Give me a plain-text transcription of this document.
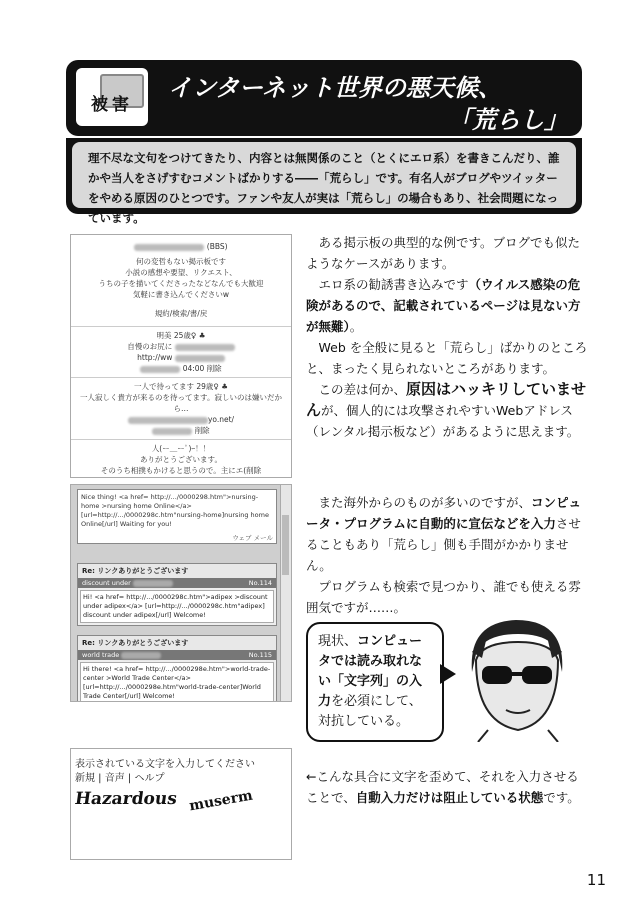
被害
インターネット世界の悪天候、
「荒らし」
理不尽な文句をつけてきたり、内容とは無関係のこと（とくにエロ系）を書きこんだり、誰かや当人をさげすむコメントばかりする――「荒らし」です。有名人がブログやツイッターをやめる原因のひとつです。ファンや友人が実は「荒らし」の場合もあり、社会問題になっています。
(BBS)

何の変哲もない掲示板です
小説の感想や要望、リクエスト、
うちの子を描いてくださったなどなんでも大歓迎
気軽に書き込んでくださいw
規約/検索/書/戻
明美 25歳♀ ♣
自慢のお尻に
http://ww
04:00 削除
一人で待ってます 29歳♀ ♣
一人寂しく貴方が来るのを待ってます。寂しいのは嫌いだから…
yo.net/
削除
人(ー＿ーﾟ)ｰ！！
ありがとうございます。
そのうち相撲もかけると思うので。主にエ(削除

Nice thing! <a href= http://.../0000298.htm">nursing-home >nursing home Online</a> [url=http://.../0000298c.htm"nursing-home]nursing home Online[/url] Waiting for you!
ウェブ メール
Re: リンクありがとうございます
discount under	No.114
Hi! <a href= http://.../0000298c.htm">adipex >discount under adipex</a> [url=http://.../0000298c.htm"adipex] discount under adipex[/url] Welcome!
Re: リンクありがとうございます
world trade	No.115
Hi there! <a href= http://.../0000298e.htm">world-trade-center >World Trade Center</a> [url=http://.../0000298e.htm"world-trade-center]World Trade Center[/url] Welcome!
表示されている文字を入力してください
新規 | 音声 | ヘルプ
Hazardous muserm

ある掲示板の典型的な例です。ブログでも似たようなケースがあります。

エロ系の勧誘書き込みです（ウイルス感染の危険があるので、記載されているページは見ない方が無難）。

Web を全般に見ると「荒らし」ばかりのところと、まったく見られないところがあります。

この差は何か、原因はハッキリしていませんが、個人的には攻撃されやすいWebアドレス（レンタル掲示板など）があるように思えます。

また海外からのものが多いのですが、コンピュータ・プログラムに自動的に宣伝などを入力させることもあり「荒らし」側も手間がかかりません。

プログラムも検索で見つかり、誰でも使える雰囲気ですが……。

現状、コンピュータでは読み取れない「文字列」の入力を必須にして、対抗している。
←こんな具合に文字を歪めて、それを入力させることで、自動入力だけは阻止している状態です。
11
